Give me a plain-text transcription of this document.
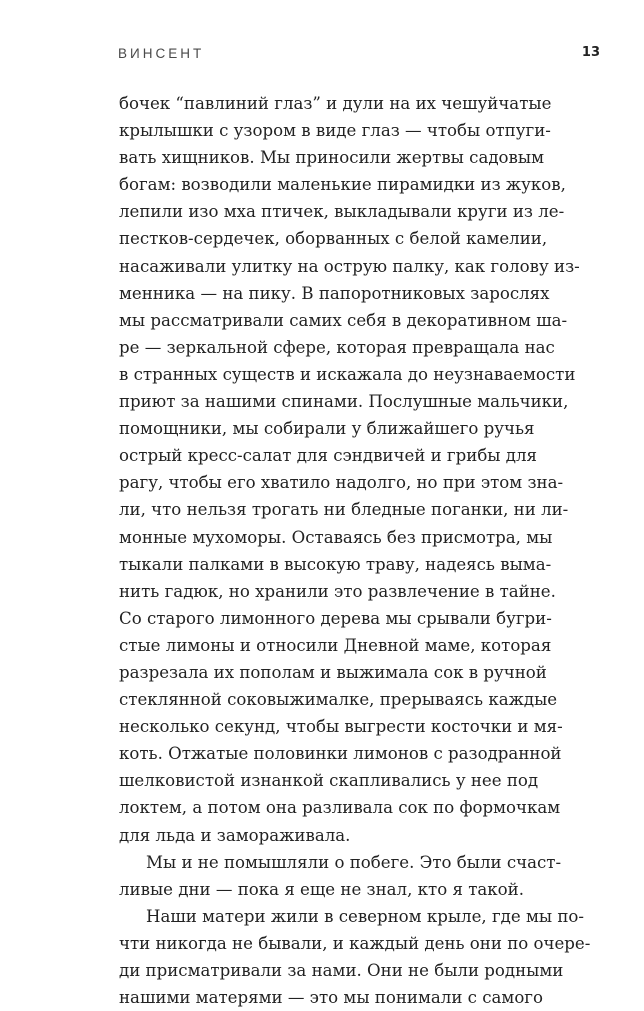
ВИНСЕНТ	13
бочек “павлиний глаз” и дули на их чешуйчатые
крылышки с узором в виде глаз — чтобы отпуги-
вать хищников. Мы приносили жертвы садовым
богам: возводили маленькие пирамидки из жуков,
лепили изо мха птичек, выкладывали круги из ле-
пестков-сердечек, оборванных с белой камелии,
насаживали улитку на острую палку, как голову из-
менника — на пику. В папоротниковых зарослях
мы рассматривали самих себя в декоративном ша-
ре — зеркальной сфере, которая превращала нас
в странных существ и искажала до неузнаваемости
приют за нашими спинами. Послушные мальчики,
помощники, мы собирали у ближайшего ручья
острый кресс-салат для сэндвичей и грибы для
рагу, чтобы его хватило надолго, но при этом зна-
ли, что нельзя трогать ни бледные поганки, ни ли-
монные мухоморы. Оставаясь без присмотра, мы
тыкали палками в высокую траву, надеясь выма-
нить гадюк, но хранили это развлечение в тайне.
Со старого лимонного дерева мы срывали бугри-
стые лимоны и относили Дневной маме, которая
разрезала их пополам и выжимала сок в ручной
стеклянной соковыжималке, прерываясь каждые
несколько секунд, чтобы выгрести косточки и мя-
коть. Отжатые половинки лимонов с разодранной
шелковистой изнанкой скапливались у нее под
локтем, а потом она разливала сок по формочкам
для льда и замораживала.
Мы и не помышляли о побеге. Это были счаст-
ливые дни — пока я еще не знал, кто я такой.
Наши матери жили в северном крыле, где мы по-
чти никогда не бывали, и каждый день они по очере-
ди присматривали за нами. Они не были родными
нашими матерями — это мы понимали с самого
